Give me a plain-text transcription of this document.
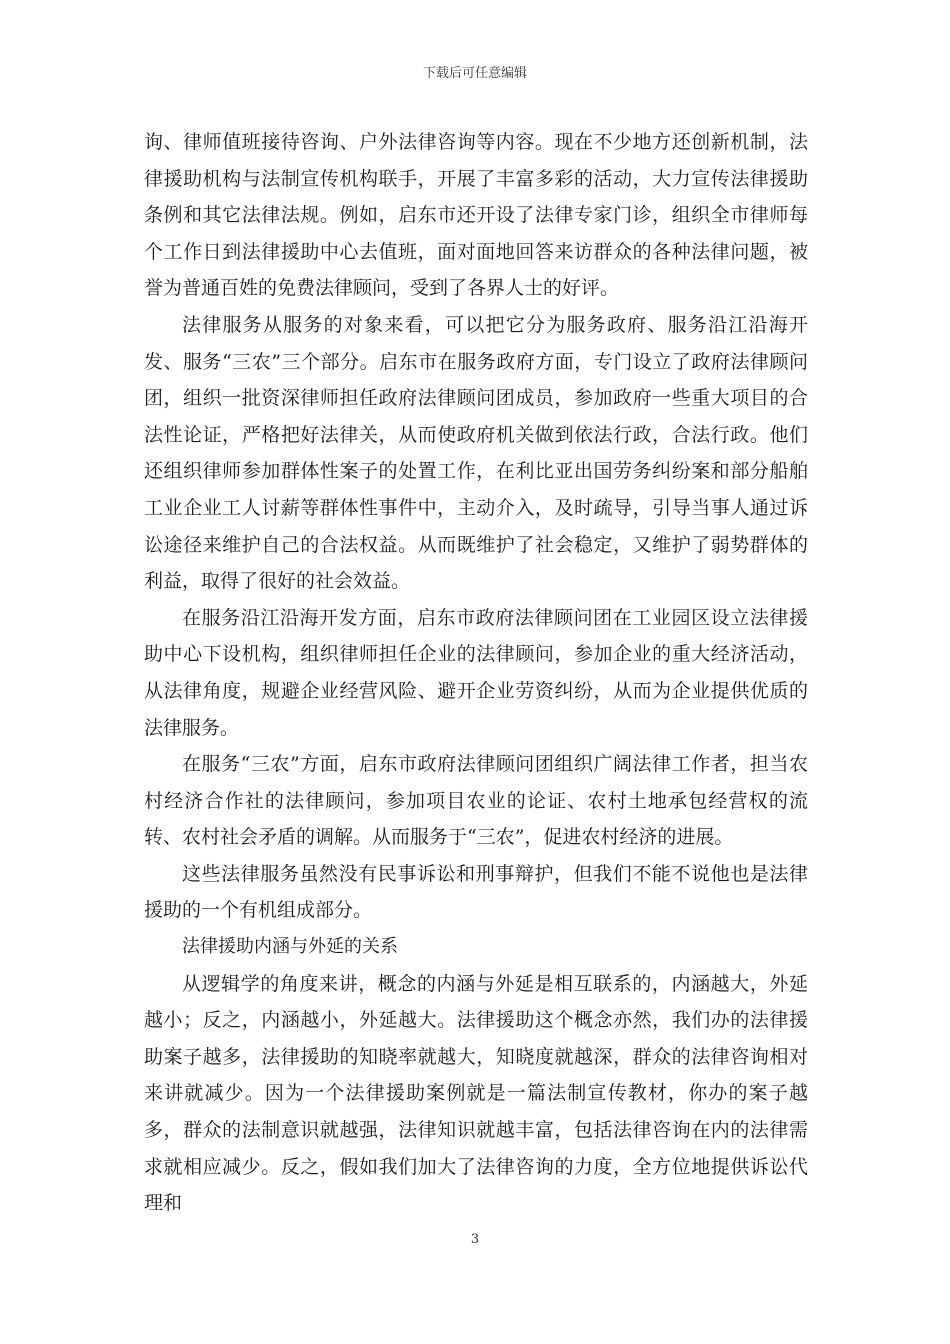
下载后可任意编辑

询、律师值班接待咨询、户外法律咨询等内容。现在不少地方还创新机制，法律援助机构与法制宣传机构联手，开展了丰富多彩的活动，大力宣传法律援助条例和其它法律法规。例如，启东市还开设了法律专家门诊，组织全市律师每个工作日到法律援助中心去值班，面对面地回答来访群众的各种法律问题，被誉为普通百姓的免费法律顾问，受到了各界人士的好评。

法律服务从服务的对象来看，可以把它分为服务政府、服务沿江沿海开发、服务“三农”三个部分。启东市在服务政府方面，专门设立了政府法律顾问团，组织一批资深律师担任政府法律顾问团成员，参加政府一些重大项目的合法性论证，严格把好法律关，从而使政府机关做到依法行政，合法行政。他们还组织律师参加群体性案子的处置工作，在利比亚出国劳务纠纷案和部分船舶工业企业工人讨薪等群体性事件中，主动介入，及时疏导，引导当事人通过诉讼途径来维护自己的合法权益。从而既维护了社会稳定，又维护了弱势群体的利益，取得了很好的社会效益。

在服务沿江沿海开发方面，启东市政府法律顾问团在工业园区设立法律援助中心下设机构，组织律师担任企业的法律顾问，参加企业的重大经济活动，从法律角度，规避企业经营风险、避开企业劳资纠纷，从而为企业提供优质的法律服务。

在服务“三农”方面，启东市政府法律顾问团组织广阔法律工作者，担当农村经济合作社的法律顾问，参加项目农业的论证、农村土地承包经营权的流转、农村社会矛盾的调解。从而服务于“三农”，促进农村经济的进展。

这些法律服务虽然没有民事诉讼和刑事辩护，但我们不能不说他也是法律援助的一个有机组成部分。

法律援助内涵与外延的关系

从逻辑学的角度来讲，概念的内涵与外延是相互联系的，内涵越大，外延越小；反之，内涵越小，外延越大。法律援助这个概念亦然，我们办的法律援助案子越多，法律援助的知晓率就越大，知晓度就越深，群众的法律咨询相对来讲就减少。因为一个法律援助案例就是一篇法制宣传教材，你办的案子越多，群众的法制意识就越强，法律知识就越丰富，包括法律咨询在内的法律需求就相应减少。反之，假如我们加大了法律咨询的力度，全方位地提供诉讼代理和

3
